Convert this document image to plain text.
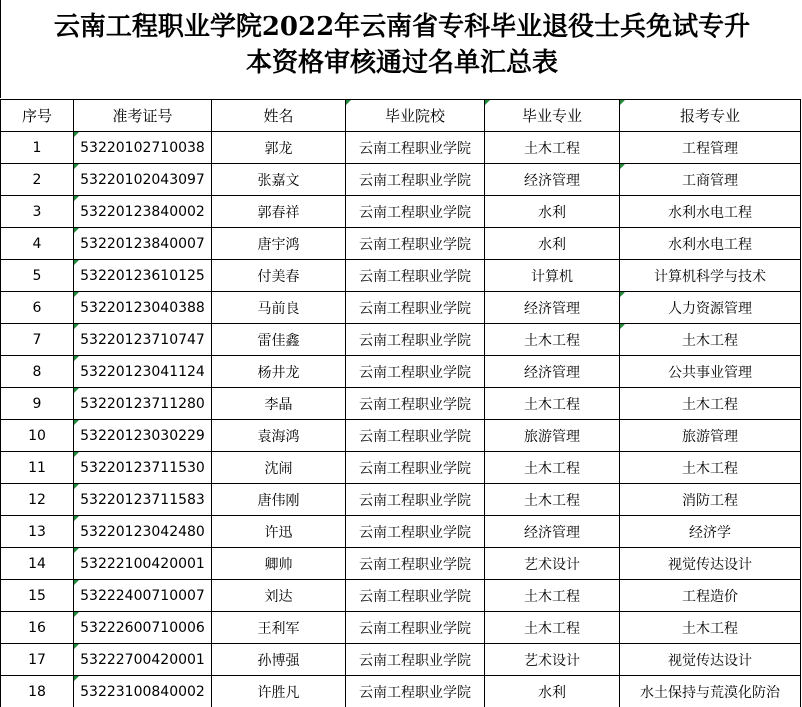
云南工程职业学院2022年云南省专科毕业退役士兵免试专升
本资格审核通过名单汇总表
序号	准考证号	姓名	毕业院校	毕业专业	报考专业
1	53220102710038	郭龙	云南工程职业学院	土木工程	工程管理
2	53220102043097	张嘉文	云南工程职业学院	经济管理	工商管理
3	53220123840002	郭春祥	云南工程职业学院	水利	水利水电工程
4	53220123840007	唐宇鸿	云南工程职业学院	水利	水利水电工程
5	53220123610125	付美春	云南工程职业学院	计算机	计算机科学与技术
6	53220123040388	马前良	云南工程职业学院	经济管理	人力资源管理
7	53220123710747	雷佳鑫	云南工程职业学院	土木工程	土木工程
8	53220123041124	杨井龙	云南工程职业学院	经济管理	公共事业管理
9	53220123711280	李晶	云南工程职业学院	土木工程	土木工程
10	53220123030229	袁海鸿	云南工程职业学院	旅游管理	旅游管理
11	53220123711530	沈闹	云南工程职业学院	土木工程	土木工程
12	53220123711583	唐伟刚	云南工程职业学院	土木工程	消防工程
13	53220123042480	许迅	云南工程职业学院	经济管理	经济学
14	53222100420001	卿帅	云南工程职业学院	艺术设计	视觉传达设计
15	53222400710007	刘达	云南工程职业学院	土木工程	工程造价
16	53222600710006	王利军	云南工程职业学院	土木工程	土木工程
17	53222700420001	孙博强	云南工程职业学院	艺术设计	视觉传达设计
18	53223100840002	许胜凡	云南工程职业学院	水利	水土保持与荒漠化防治
